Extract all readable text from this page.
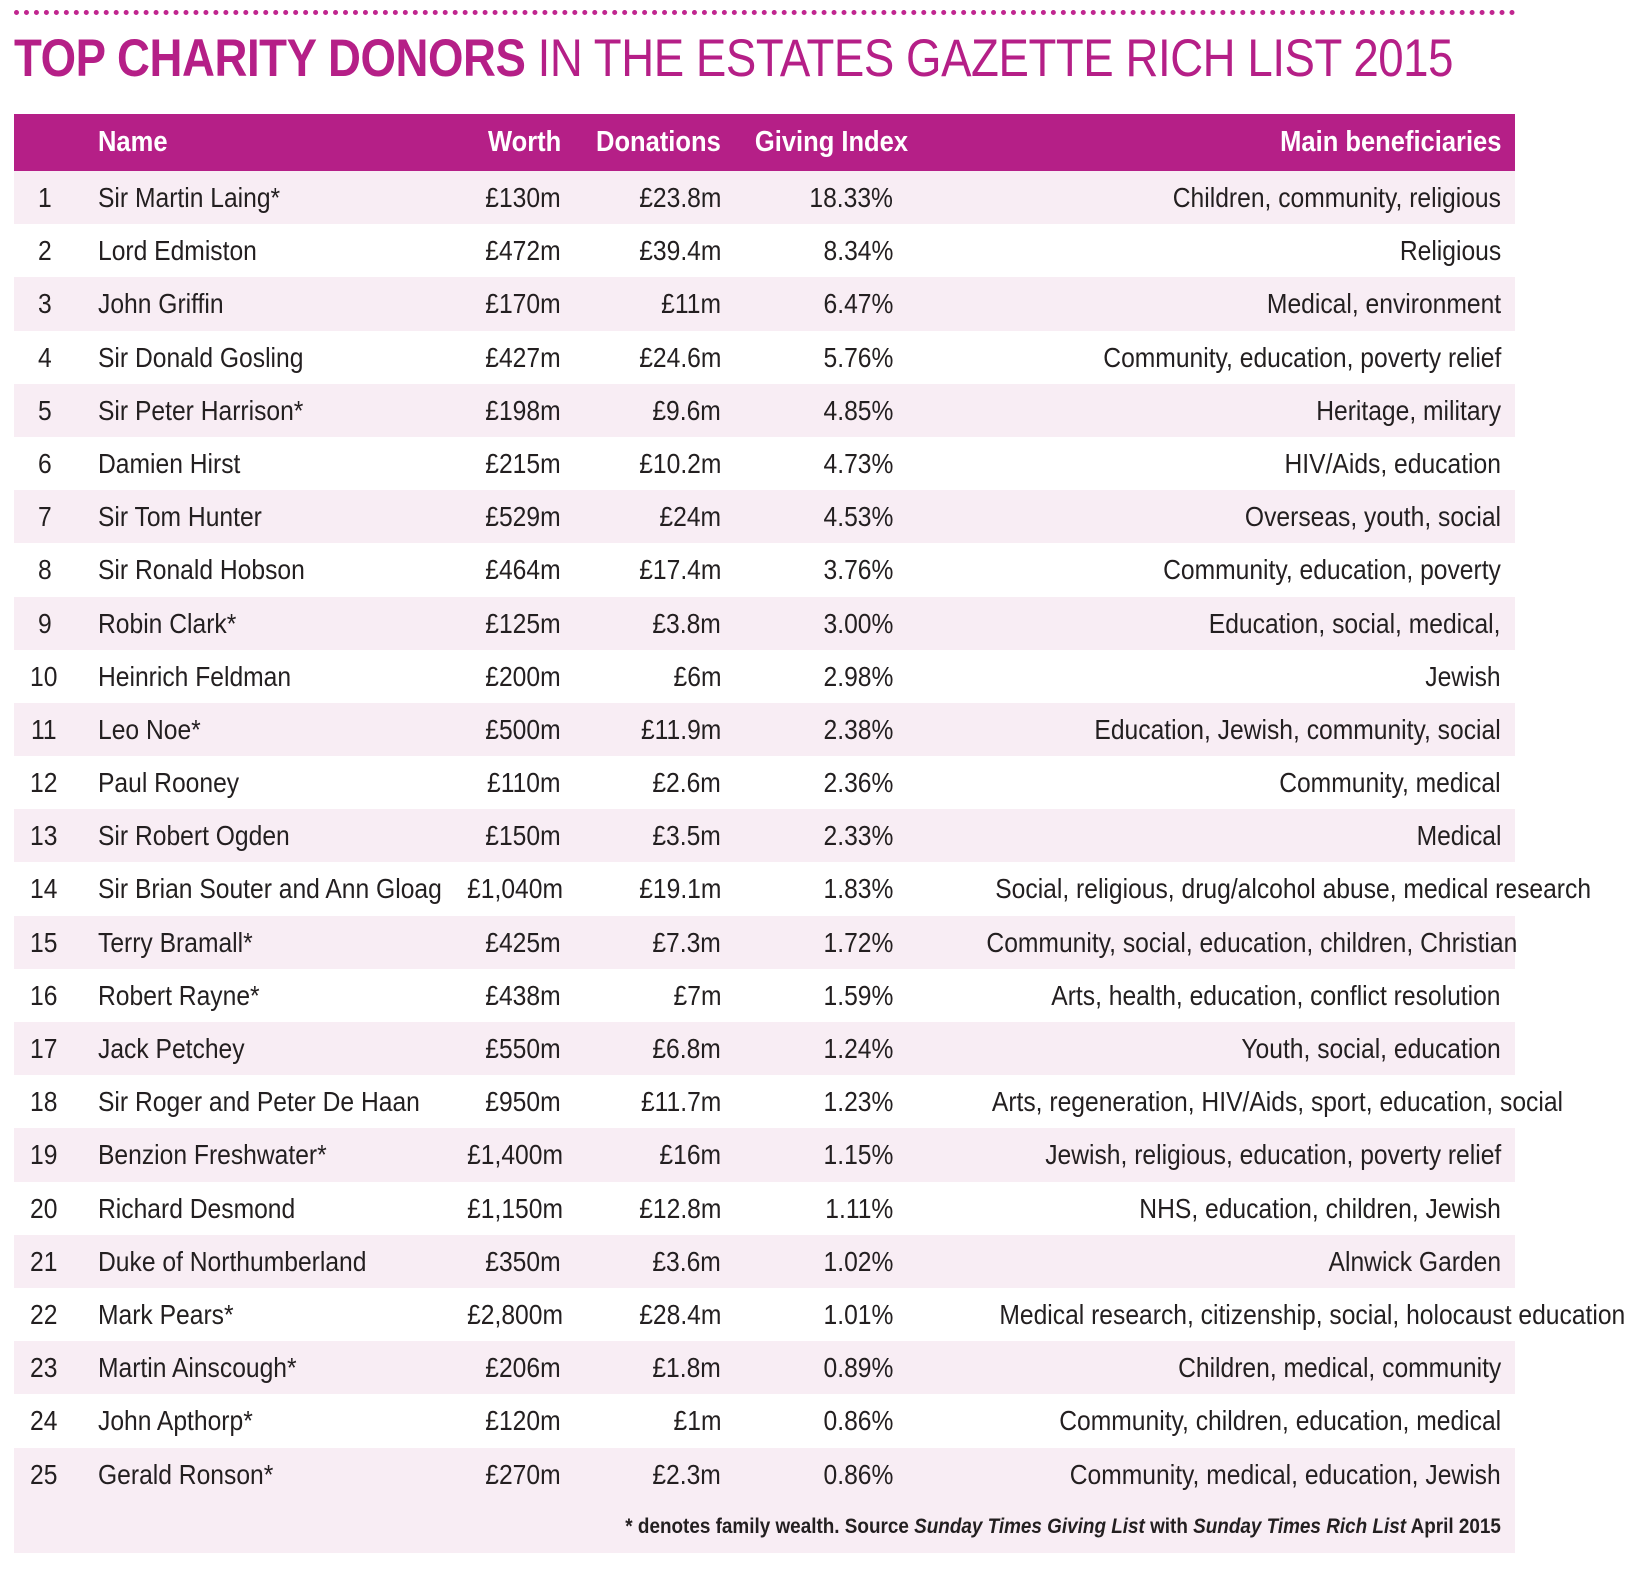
TOP CHARITY DONORS IN THE ESTATES GAZETTE RICH LIST 2015
Name	Worth	Donations	Giving Index	Main beneficiaries
1	Sir Martin Laing*	£130m	£23.8m	18.33%	Children, community, religious
2	Lord Edmiston	£472m	£39.4m	8.34%	Religious
3	John Griffin	£170m	£11m	6.47%	Medical, environment
4	Sir Donald Gosling	£427m	£24.6m	5.76%	Community, education, poverty relief
5	Sir Peter Harrison*	£198m	£9.6m	4.85%	Heritage, military
6	Damien Hirst	£215m	£10.2m	4.73%	HIV/Aids, education
7	Sir Tom Hunter	£529m	£24m	4.53%	Overseas, youth, social
8	Sir Ronald Hobson	£464m	£17.4m	3.76%	Community, education, poverty
9	Robin Clark*	£125m	£3.8m	3.00%	Education, social, medical,
10	Heinrich Feldman	£200m	£6m	2.98%	Jewish
11	Leo Noe*	£500m	£11.9m	2.38%	Education, Jewish, community, social
12	Paul Rooney	£110m	£2.6m	2.36%	Community, medical
13	Sir Robert Ogden	£150m	£3.5m	2.33%	Medical
14	Sir Brian Souter and Ann Gloag £1,040m	£19.1m	1.83%	Social, religious, drug/alcohol abuse, medical research
15	Terry Bramall*	£425m	£7.3m	1.72%	Community, social, education, children, Christian
16	Robert Rayne*	£438m	£7m	1.59%	Arts, health, education, conflict resolution
17	Jack Petchey	£550m	£6.8m	1.24%	Youth, social, education
18	Sir Roger and Peter De Haan	£950m	£11.7m	1.23%	Arts, regeneration, HIV/Aids, sport, education, social
19	Benzion Freshwater*	£1,400m	£16m	1.15%	Jewish, religious, education, poverty relief
20	Richard Desmond	£1,150m	£12.8m	1.11%	NHS, education, children, Jewish
21	Duke of Northumberland	£350m	£3.6m	1.02%	Alnwick Garden
22	Mark Pears*	£2,800m	£28.4m	1.01%	Medical research, citizenship, social, holocaust education
23	Martin Ainscough*	£206m	£1.8m	0.89%	Children, medical, community
24	John Apthorp*	£120m	£1m	0.86%	Community, children, education, medical
25	Gerald Ronson*	£270m	£2.3m	0.86%	Community, medical, education, Jewish
* denotes family wealth. Source Sunday Times Giving List with Sunday Times Rich List April 2015
